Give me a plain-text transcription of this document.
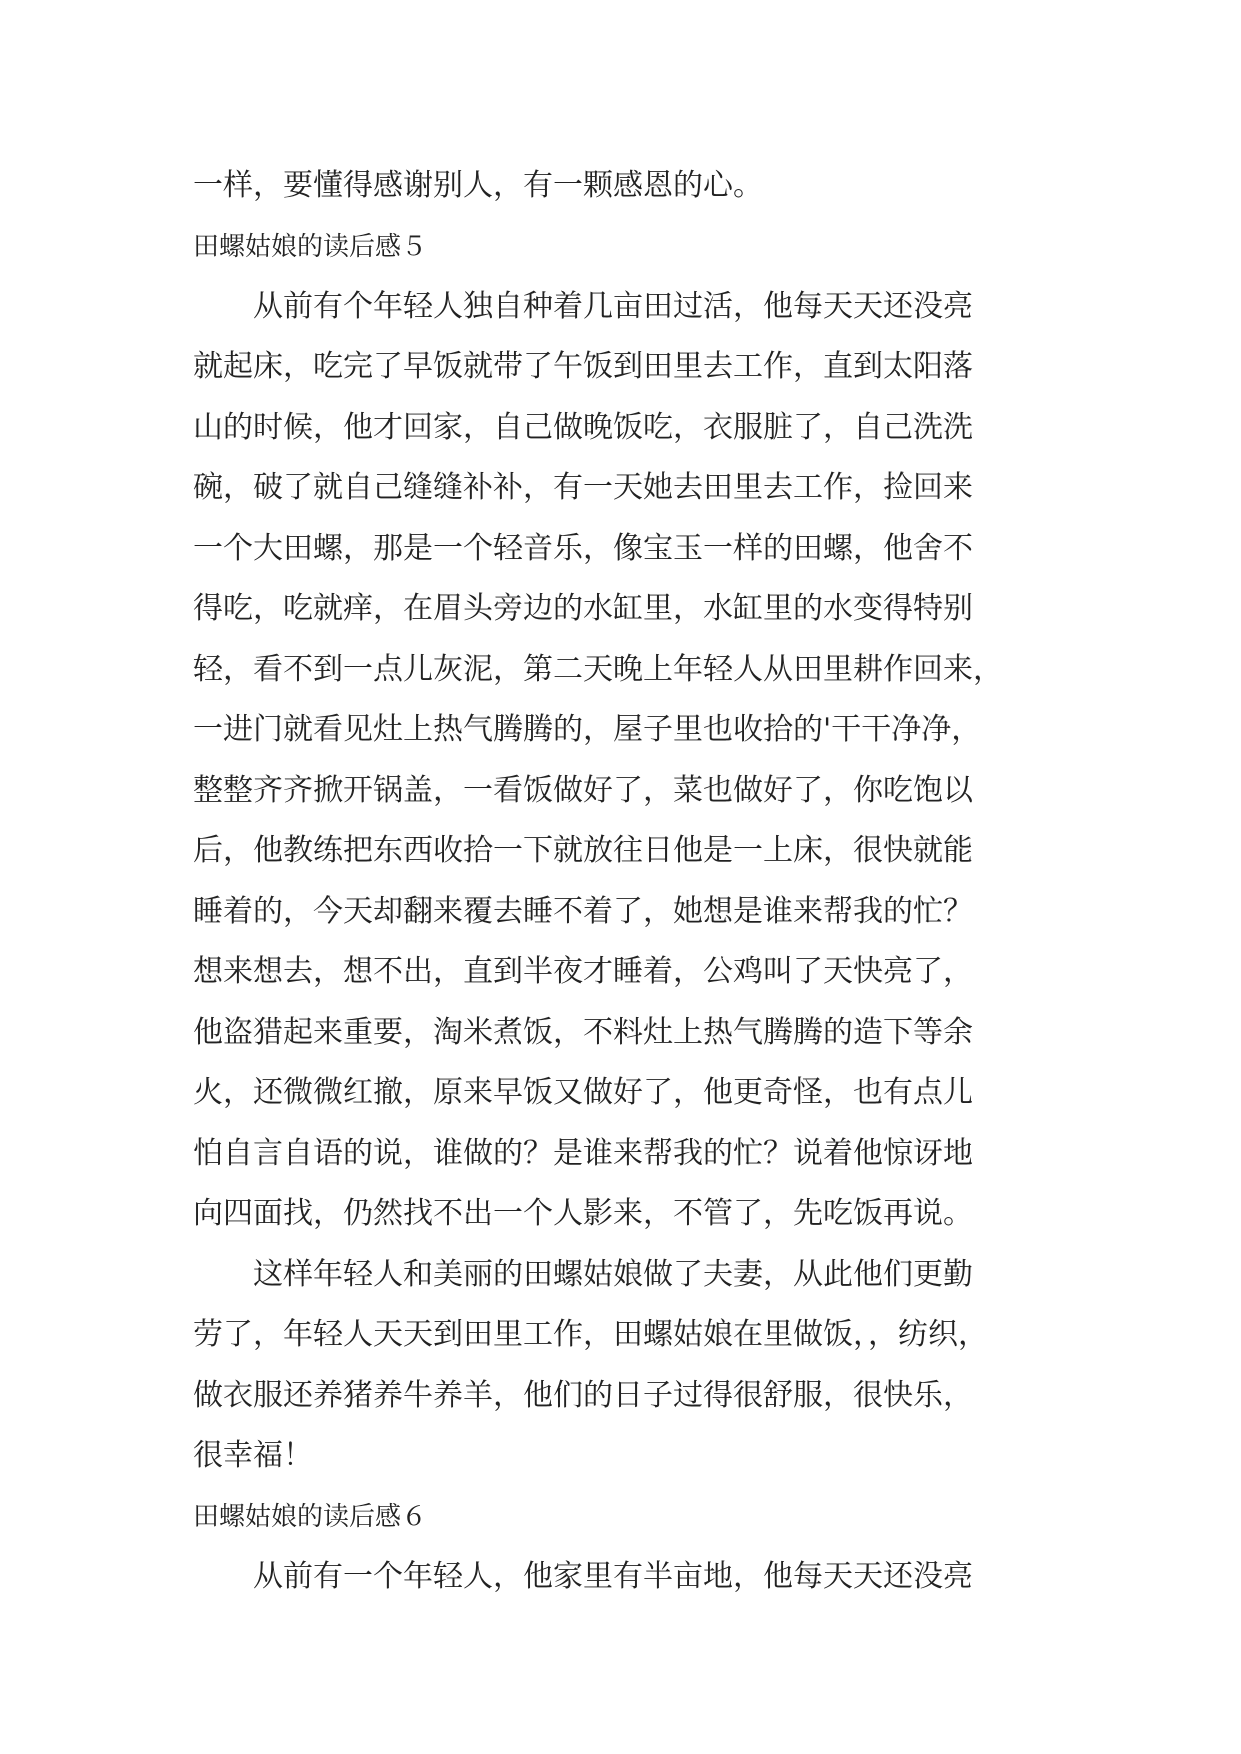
一样，要懂得感谢别人，有一颗感恩的心。
田螺姑娘的读后感５
从前有个年轻人独自种着几亩田过活，他每天天还没亮
就起床，吃完了早饭就带了午饭到田里去工作，直到太阳落
山的时候，他才回家，自己做晚饭吃，衣服脏了，自己洗洗
碗，破了就自己缝缝补补，有一天她去田里去工作，捡回来
一个大田螺，那是一个轻音乐，像宝玉一样的田螺，他舍不
得吃，吃就痒，在眉头旁边的水缸里，水缸里的水变得特别
轻，看不到一点儿灰泥，第二天晚上年轻人从田里耕作回来，
一进门就看见灶上热气腾腾的，屋子里也收拾的'干干净净，
整整齐齐掀开锅盖，一看饭做好了，菜也做好了，你吃饱以
后，他教练把东西收拾一下就放往日他是一上床，很快就能
睡着的，今天却翻来覆去睡不着了，她想是谁来帮我的忙？
想来想去，想不出，直到半夜才睡着，公鸡叫了天快亮了，
他盗猎起来重要，淘米煮饭，不料灶上热气腾腾的造下等余
火，还微微红撤，原来早饭又做好了，他更奇怪，也有点儿
怕自言自语的说，谁做的？是谁来帮我的忙？说着他惊讶地
向四面找，仍然找不出一个人影来，不管了，先吃饭再说。
这样年轻人和美丽的田螺姑娘做了夫妻，从此他们更勤
劳了，年轻人天天到田里工作，田螺姑娘在里做饭，，纺织，
做衣服还养猪养牛养羊，他们的日子过得很舒服，很快乐，
很幸福！
田螺姑娘的读后感６
从前有一个年轻人，他家里有半亩地，他每天天还没亮
